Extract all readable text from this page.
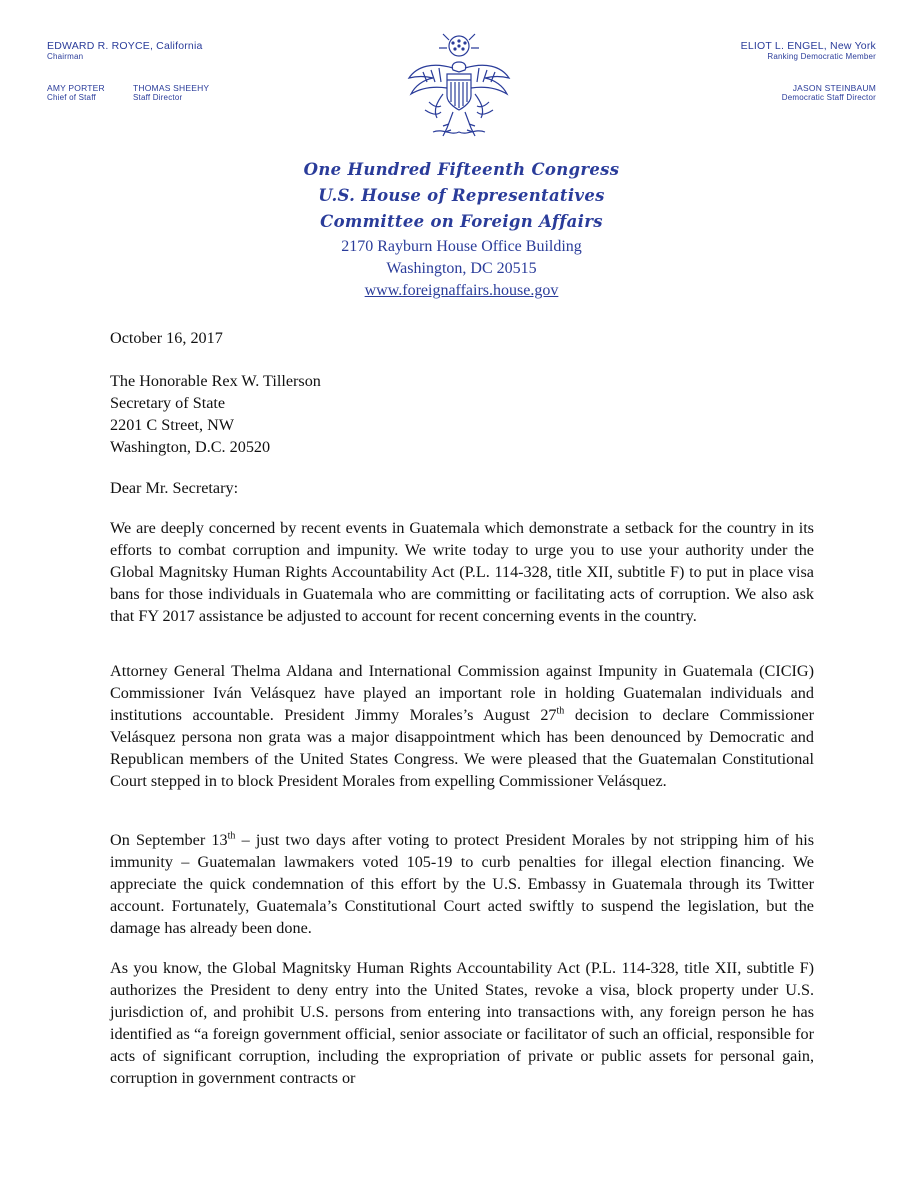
EDWARD R. ROYCE, California
Chairman
AMY PORTER
Chief of Staff
THOMAS SHEEHY
Staff Director
ELIOT L. ENGEL, New York
Ranking Democratic Member
JASON STEINBAUM
Democratic Staff Director
One Hundred Fifteenth Congress
U.S. House of Representatives
Committee on Foreign Affairs
2170 Rayburn House Office Building
Washington, DC 20515
www.foreignaffairs.house.gov
October 16, 2017
The Honorable Rex W. Tillerson
Secretary of State
2201 C Street, NW
Washington, D.C. 20520
Dear Mr. Secretary:

We are deeply concerned by recent events in Guatemala which demonstrate a setback for the country in its efforts to combat corruption and impunity. We write today to urge you to use your authority under the Global Magnitsky Human Rights Accountability Act (P.L. 114-328, title XII, subtitle F) to put in place visa bans for those individuals in Guatemala who are committing or facilitating acts of corruption. We also ask that FY 2017 assistance be adjusted to account for recent concerning events in the country.

Attorney General Thelma Aldana and International Commission against Impunity in Guatemala (CICIG) Commissioner Iván Velásquez have played an important role in holding Guatemalan individuals and institutions accountable. President Jimmy Morales’s August 27th decision to declare Commissioner Velásquez persona non grata was a major disappointment which has been denounced by Democratic and Republican members of the United States Congress. We were pleased that the Guatemalan Constitutional Court stepped in to block President Morales from expelling Commissioner Velásquez.

On September 13th – just two days after voting to protect President Morales by not stripping him of his immunity – Guatemalan lawmakers voted 105-19 to curb penalties for illegal election financing. We appreciate the quick condemnation of this effort by the U.S. Embassy in Guatemala through its Twitter account. Fortunately, Guatemala’s Constitutional Court acted swiftly to suspend the legislation, but the damage has already been done.

As you know, the Global Magnitsky Human Rights Accountability Act (P.L. 114-328, title XII, subtitle F) authorizes the President to deny entry into the United States, revoke a visa, block property under U.S. jurisdiction of, and prohibit U.S. persons from entering into transactions with, any foreign person he has identified as “a foreign government official, senior associate or facilitator of such an official, responsible for acts of significant corruption, including the expropriation of private or public assets for personal gain, corruption in government contracts or
